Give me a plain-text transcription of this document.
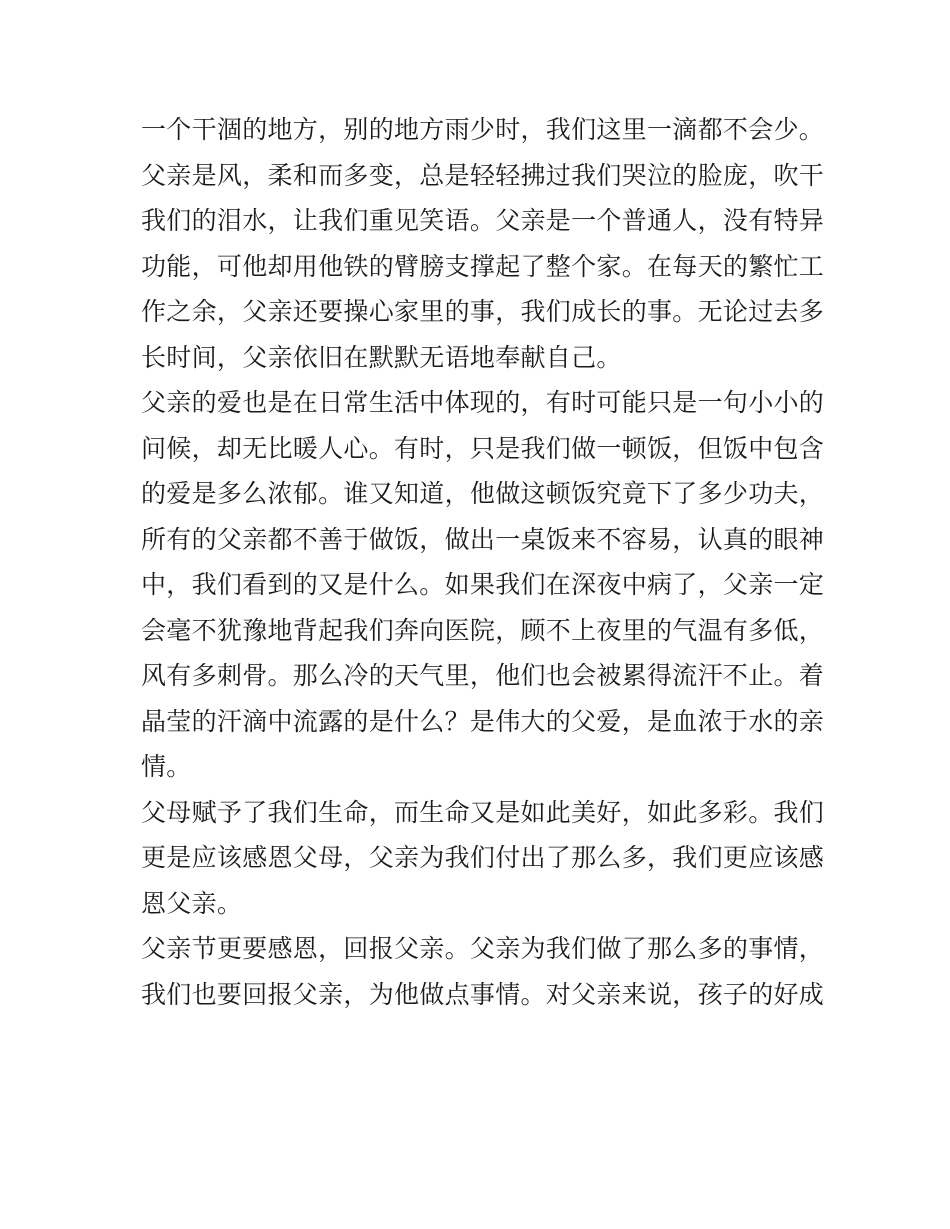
一个干涸的地方，别的地方雨少时，我们这里一滴都不会少。
父亲是风，柔和而多变，总是轻轻拂过我们哭泣的脸庞，吹干
我们的泪水，让我们重见笑语。父亲是一个普通人，没有特异
功能，可他却用他铁的臂膀支撑起了整个家。在每天的繁忙工
作之余，父亲还要操心家里的事，我们成长的事。无论过去多
长时间，父亲依旧在默默无语地奉献自己。
父亲的爱也是在日常生活中体现的，有时可能只是一句小小的
问候，却无比暖人心。有时，只是我们做一顿饭，但饭中包含
的爱是多么浓郁。谁又知道，他做这顿饭究竟下了多少功夫，
所有的父亲都不善于做饭，做出一桌饭来不容易，认真的眼神
中，我们看到的又是什么。如果我们在深夜中病了，父亲一定
会毫不犹豫地背起我们奔向医院，顾不上夜里的气温有多低，
风有多刺骨。那么冷的天气里，他们也会被累得流汗不止。着
晶莹的汗滴中流露的是什么？是伟大的父爱，是血浓于水的亲
情。
父母赋予了我们生命，而生命又是如此美好，如此多彩。我们
更是应该感恩父母，父亲为我们付出了那么多，我们更应该感
恩父亲。
父亲节更要感恩，回报父亲。父亲为我们做了那么多的事情，
我们也要回报父亲，为他做点事情。对父亲来说，孩子的好成
